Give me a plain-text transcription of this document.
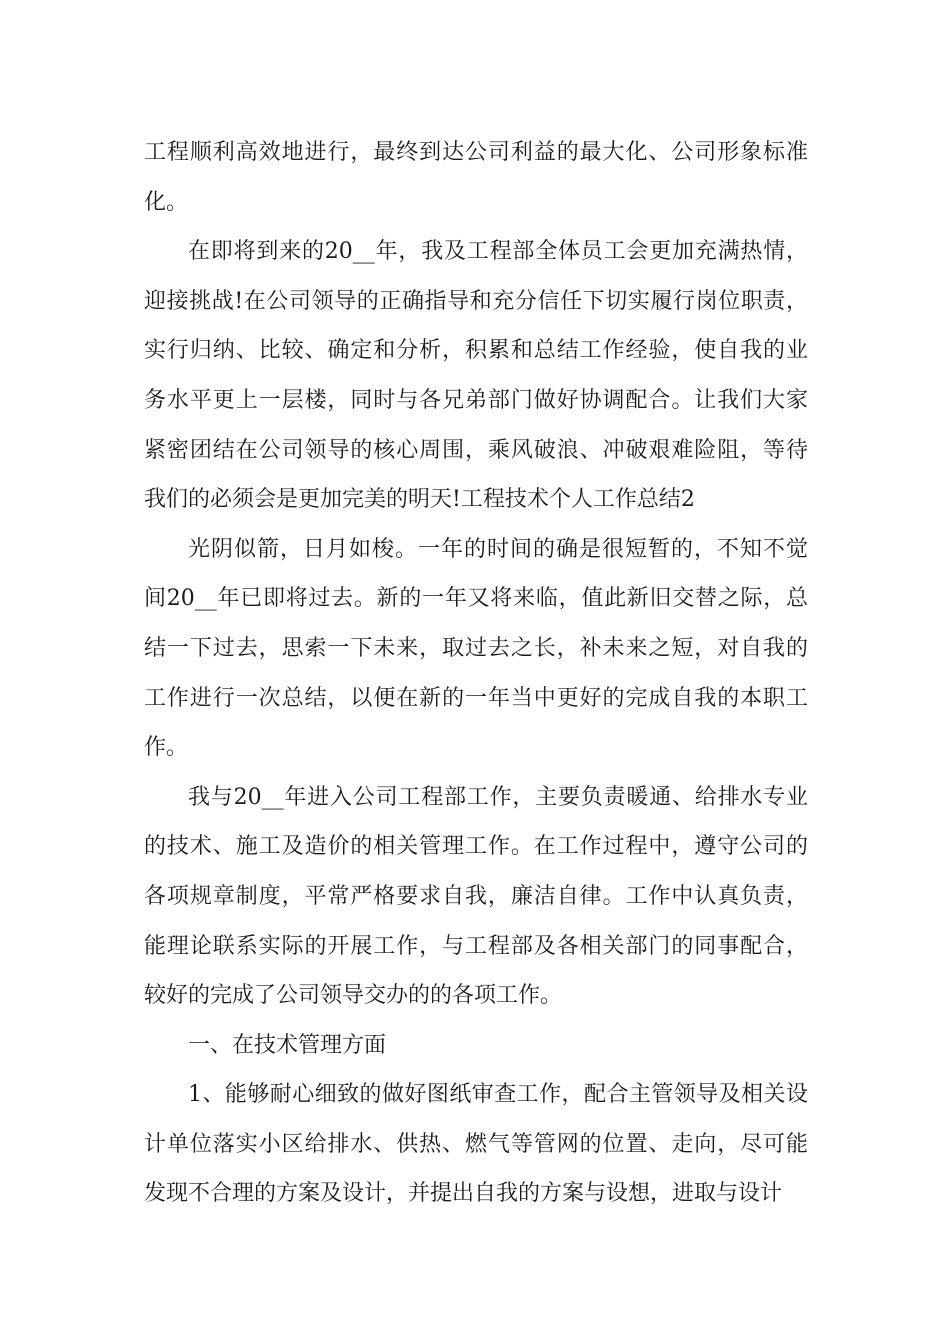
工程顺利高效地进行，最终到达公司利益的最大化、公司形象标准
化。
在即将到来的20__年，我及工程部全体员工会更加充满热情，
迎接挑战!在公司领导的正确指导和充分信任下切实履行岗位职责，
实行归纳、比较、确定和分析，积累和总结工作经验，使自我的业
务水平更上一层楼，同时与各兄弟部门做好协调配合。让我们大家
紧密团结在公司领导的核心周围，乘风破浪、冲破艰难险阻，等待
我们的必须会是更加完美的明天!工程技术个人工作总结2
光阴似箭，日月如梭。一年的时间的确是很短暂的，不知不觉
间20__年已即将过去。新的一年又将来临，值此新旧交替之际，总
结一下过去，思索一下未来，取过去之长，补未来之短，对自我的
工作进行一次总结，以便在新的一年当中更好的完成自我的本职工
作。
我与20__年进入公司工程部工作，主要负责暖通、给排水专业
的技术、施工及造价的相关管理工作。在工作过程中，遵守公司的
各项规章制度，平常严格要求自我，廉洁自律。工作中认真负责，
能理论联系实际的开展工作，与工程部及各相关部门的同事配合，
较好的完成了公司领导交办的的各项工作。
一、在技术管理方面
1、能够耐心细致的做好图纸审查工作，配合主管领导及相关设
计单位落实小区给排水、供热、燃气等管网的位置、走向，尽可能
发现不合理的方案及设计，并提出自我的方案与设想，进取与设计
